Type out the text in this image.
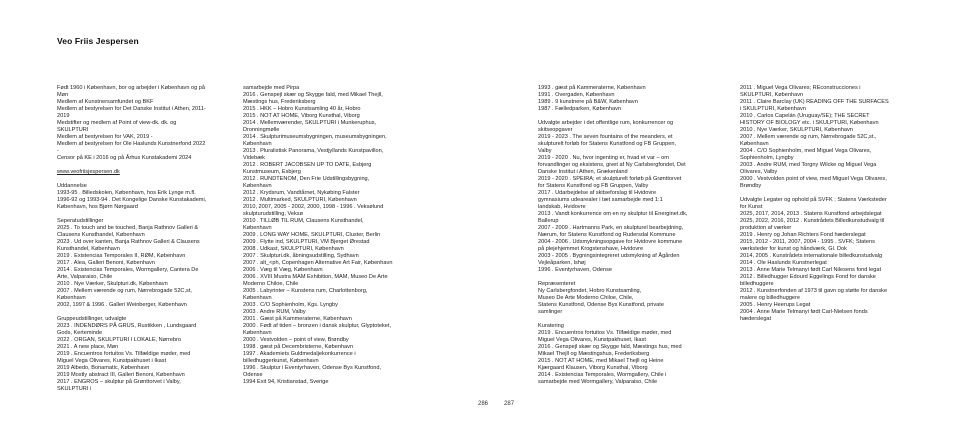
Veo Friis Jespersen
Født 1960 i København, bor og arbejder i København og på Møn
Medlem af Kunstnersamfundet og BKF
Medlem af bestyrelsen for Det Danske Institut i Athen, 2011-2019
Medstifter og medlem af Point of view-dk. dk. og SKULPTURI
Medlem af bestyrelsen for VAK, 2019 -
Medlem af bestyrelsen for Ole Haslunds Kunstnerfond 2022 -
Censor på KE i 2016 og på Århus Kunstakademi 2024
www.veofriisjespersen.dk
Uddannelse
1993-95 . Billedskolen, København, hos Erik Lynge m.fl.
1996-92 og 1993-94 . Det Kongelige Danske Kunstakademi, København, hos Bjørn Nørgaard
Seperatudstillinger
2025 . To touch and be touched, Banja Rathnov Galleri & Clausens Kunsthandel, København
2023 . Ud over kanten, Banja Rathnov Galleri & Clausens Kunsthandel, København
2019 . Existencias Temporales II, RØM, København
2017 . Alea, Galleri Benoni, København
2014 . Existencias Temporales, Wormgallery, Cantera De Arte, Valparaiso, Chile
2010 . Nye Værker, Skulpturi.dk, København
2007 . Mellem værende og rum, Nørrebrogade 52C,st, København
2002, 1997 & 1996 . Galleri Weinberger, København
Gruppeudstillinger, udvalgte
2023 . INDENDØRS PÅ GRUS, Rustikken , Lundsgaard Gods, Kerteminde
2022 . ORGAN, SKULPTURI I LOKALE, Nørrebro
2021 . A new place, Møn
2019 . Encuentros fortuitos Vs. Tilfældige møder, med Miguel Vega Olivares, Kunstpakhuset i Ikast
2019 Albedo, Bonamatic, København
2019 Mostly abstract III, Galleri Benoni, København
2017 . ENGROS – skulptur på Grønttorvet i Valby, SKULPTURI i
samarbejde med Pirpa
2016 . Genspejl skær og Skygge fald, med Mikael Thejll, Mæstings hus, Frederiksberg
2015 . HKK – Hobro Kunstsamling 40 år, Hobro
2015 . NOT AT HOME, Viborg Kunsthal, Viborg
2014 . Mellemværender, SKULPTURI i Munkeruphus, Dronningmølle
2014 . Skulpturimuseumsbygningen, museumsbygningen, København
2013 . Pluralistisk Panorama, Vestjyllands Kunstpavillon, Videbæk
2012 . ROBERT JACOBSEN UP TO DATE, Esbjerg Kunstmuseum, Esbjerg
2012 . RUNDTENOM, Den Frie Udstillingsbygning, København
2012 . Krydsrum, Vandtårnet, Nykøbing Falster
2012 . Multimarked, SKULPTURI, København
2010, 2007, 2005 - 2002, 2000, 1998 - 1996 . Veksølund skulpturudstilling, Veksø
2010 . TILLØB TIL RUM, Clausens Kunsthandel, København
2009 . LONG WAY HOME, SKULPTURI, Cluster, Berlin
2009 . Flytte ind, SKULPTURI, VM Bjerget Ørestad
2008 . Udkast, SKULPTURI, København
2007 . Skulpturi.dk, åbningsudstilling, Sydhavn
2007 . alt_<ph, Copenhagen Alternative Art Fair, København
2006 . Væg til Væg, København
2006 . XVIII Mustra MAM Exhibition, MAM, Museo De Arte Moderno Chiloe, Chile
2005 . Labyrinter – Kunstens rum, Charlottenborg, København
2003 . C/O Sophienholm, Kgs. Lyngby
2003 . Andre RUM, Valby
2001 . Gæst på Kammeraterne, København
2000 . Født af tiden – bronzen i dansk skulptur, Glyptoteket, København
2000 . Vestvolden – point of view, Brøndby
1998 . gæst på Decembristerne, København
1997 . Akademiets Guldmedaljekonkurrence i billedhuggerkunst, København
1996 . Skulptur i Eventyrhaven, Odense Bys Kunstfond, Odense
1994 Exit 94, Kristianstad, Sverige
1993 . gæst på Kammeraterne, København
1991 . Overgaden, København
1989 . 9 kunstnere på B&W, København
1987 . Fælledparken, København
Udvalgte arbejder i det offentlige rum, konkurrencer og skitseopgaver
2019 - 2023 . The seven fountains of the meanders, et skulpturelt forløb for Statens Kunstfond og FB Gruppen, Valby
2019 - 2020 . Nu, hvor ingenting er, hvad et var – om forvandlinger og eksistens, givet af Ny Carlsbergfondet, Det Danske Institut i Athen, Grækenland
2019 - 2020 . SPEIRA; et skulpturelt forløb på Grønttorvet for Statens Kunstfond og FB Gruppen, Valby
2017 . Udarbejdelse af skitseforslag til Hvidovre gymnasiums udearealer i tæt samarbejde med 1:1 landskab, Hvidovre
2013 . Vandt konkurrence om en ny skulptur til Energinet.dk, Ballerup
2007 - 2009 . Hartmanns Park, en skulpturel bearbejdning, Nærum, for Statens Kunstfond og Rudersdal Kommune
2004 - 2006 . Udsmykningsopgave for Hvidovre kommune på plejehjemmet Krogstenshave, Hvidovre
2003 - 2005 . Bygningsintegreret udsmykning af Ågården Vejleåparken, Ishøj
1996 . Eventyrhaven, Odense
Repræsenteret
Ny Carlsbergfondet, Hobro Kunstsamling,
Museo De Arte Moderno Chiloe, Chile,
Statens Kunstfond, Odense Bys Kunstfond, private samlinger
Kuratering
2019 . Encuentros fortuitos Vs. Tilfældige møder, med Miguel Vega Olivares, Kunstpakhuset, Ikast
2016 . Genspejl skær og Skygge fald, Mæstings hus, med Mikael Thejll og Mæstingshus, Frederiksberg
2015 . NOT AT HOME, med Mikael Thejll og Heine Kjærgaard Klausen, Viborg Kunsthal, Viborg
2014 . Existencias Temporales, Wormgallery, Chile i samarbejde med Wormgallery, Valparaiso, Chile
2011 . Miguel Vega Olivares; REconstrucciones i SKULPTURI, København
2011 . Claire Barclay (UK) READING OFF THE SURFACES i SKULPTURI, København
2010 . Carlos Capelán (Uruguay/SE); THE SECRET HISTORY OF BIOLOGY etc. i SKULPTURI, København
2010 . Nye Værker, SKULPTURI, København
2007 . Mellem værende og rum, Nørrebrogade 52C,st., København
2004 . C/O Sophienholm, med Miguel Vega Olivares, Sophienholm, Lyngby
2003 . Andre RUM, med Torgny Wilcke og Miguel Vega Olivares, Valby
2000 . Vestvolden point of view, med Miguel Vega Olivares, Brøndby
Udvalgte Legater og ophold på SVFK ; Statens Værksteder for Kunst
2025, 2017, 2014, 2013 . Statens Kunstfond arbejdslegat
2025, 2022, 2016, 2012 . Kunstrådets Billedkunstudvalg til produktion af værker
2019 . Henry og Johan Richters Fond hæderslegat
2015, 2012 - 2011, 2007, 2004 - 1995 . SVFK; Statens værksteder for kunst og håndværk, Gl. Dok
2014, 2005 . Kunstrådets internationale billedkunstudvalg
2014 . Ole Haslunds Kunstnerlegat
2013 . Anne Marie Telmanyi født Carl Nilesens fond legat
2012 . Billedhugger Edourd Eggelings Fond for danske billedhuggere
2012 . Kunstnerfonden af 1973 til gavn og støtte for danske malere og billedhuggere
2005 . Henry Heerups Legat
2004 . Anne Marie Telmanyi født Carl-Nielsen fonds hæderslegat
286	287
